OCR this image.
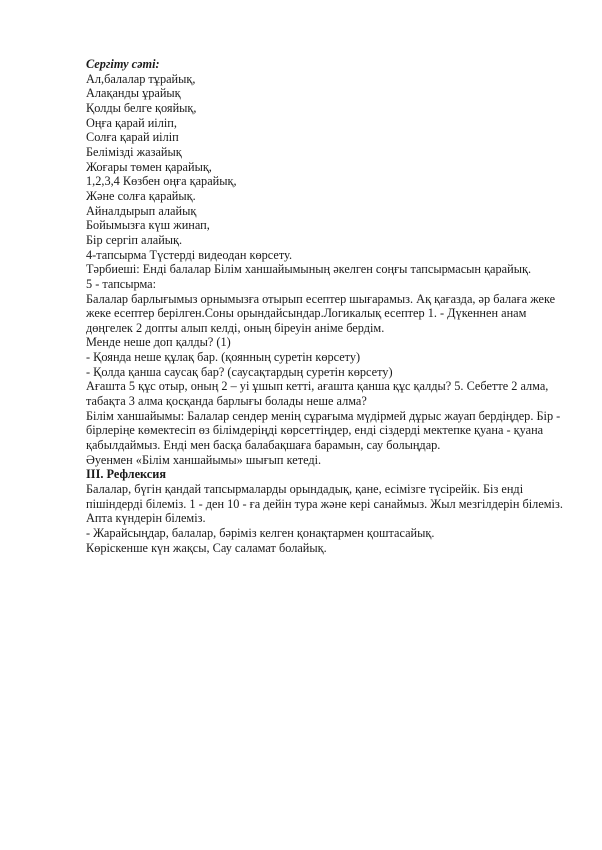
Сергіту сәті:
Ал,балалар тұрайық,
Алақанды ұрайық
Қолды белге қояйық,
Оңға қарай иіліп,
Солға қарай иіліп
Белімізді жазайық
Жоғары төмен қарайық,
1,2,3,4 Көзбен оңға қарайық,
Және солға қарайық.
Айналдырып алайық
Бойымызға күш жинап,
Бір сергіп алайық.
4-тапсырма Түстерді видеодан көрсету.
Тәрбиеші: Енді балалар Білім ханшайымының әкелген соңғы тапсырмасын қарайық.
5 - тапсырма:
Балалар барлығымыз орнымызға отырып есептер шығарамыз. Ақ қағазда, әр балаға жеке
жеке есептер берілген.Соны орындайсындар.Логикалық есептер 1. - Дүкеннен анам
дөңгелек 2 допты алып келді, оның біреуін аніме бердім.
Менде неше доп қалды? (1)
- Қоянда неше құлақ бар. (қоянның суретін көрсету)
- Қолда қанша саусақ бар? (саусақтардың суретін көрсету)
Ағашта 5 құс отыр, оның 2 – уі ұшып кетті, ағашта қанша құс қалды? 5. Себетте 2 алма,
табақта 3 алма қосқанда барлығы болады неше алма?
Білім ханшайымы: Балалар сендер менің сұрағыма мүдірмей дұрыс жауап бердіңдер. Бір -
бірлеріңе көмектесіп өз білімдеріңді көрсеттіңдер, енді сіздерді мектепке қуана - қуана
қабылдаймыз. Енді мен басқа балабақшаға барамын, сау болыңдар.
Әуенмен «Білім ханшайымы» шығып кетеді.
III. Рефлексия
Балалар, бүгін қандай тапсырмаларды орындадық, қане, есімізге түсірейік. Біз енді
пішіндерді білеміз. 1 - ден 10 - ға дейін тура және кері санаймыз. Жыл мезгілдерін білеміз.
Апта күндерін білеміз.
- Жарайсыңдар, балалар, бәріміз келген қонақтармен қоштасайық.
Көріскенше күн жақсы, Сау саламат болайық.
